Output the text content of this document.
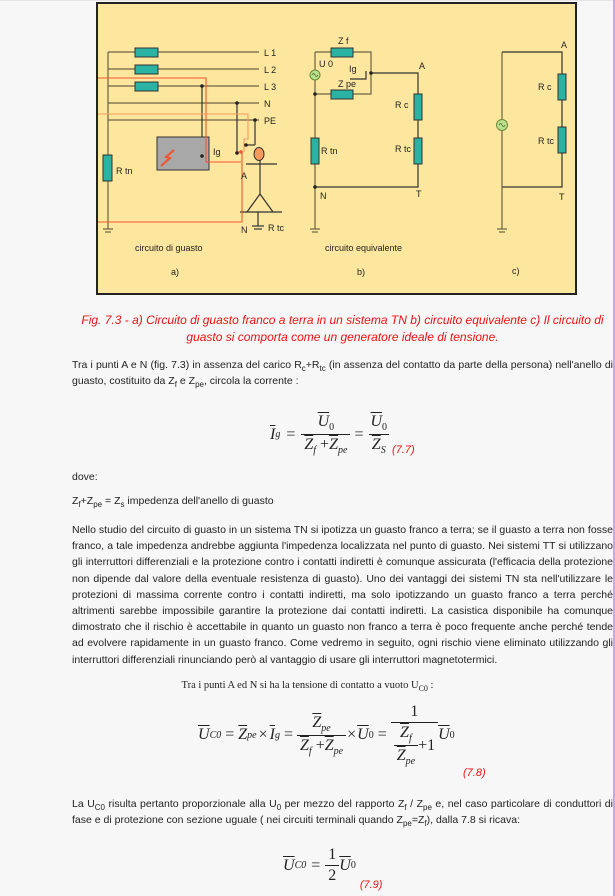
L 1
L 2
L 3
N
PE
R tn
Ig
A
N R tc
circuito di guasto
a)
Z f
U 0 Ig
Z pe
A
R c
R tc
R tn
N	T
circuito equivalente
b)
A
R c
R tc
T
c)
Fig. 7.3 - a) Circuito di guasto franco a terra in un sistema TN b) circuito equivalente c) Il circuito di guasto si comporta come un generatore ideale di tensione.
Tra i punti A e N (fig. 7.3) in assenza del carico $R_c+R_{tc}$ (in assenza del contatto da parte della persona) nell'anello di guasto, costituito da $Z_f$ e $Z_{pe}$, circola la corrente :
$\overline{I}$ $g = \frac{\overline{U}_0}{\overline{Z}_f +\overline{Z}_{pe}} = \frac{\overline{U}_0}{\overline{Z}_S} (7.7)$
dove:
$Z_f+Z_{pe} = Z_s$ impedenza dell'anello di guasto
Nello studio del circuito di guasto in un sistema TN si ipotizza un guasto franco a terra; se il guasto a terra non fosse franco, a tale impedenza andrebbe aggiunta l'impedenza localizzata nel punto di guasto. Nei sistemi TT si utilizzano gli interruttori differenziali e la protezione contro i contatti indiretti è comunque assicurata (l'efficacia della protezione non dipende dal valore della eventuale resistenza di guasto). Uno dei vantaggi dei sistemi TN sta nell'utilizzare le protezioni di massima corrente contro i contatti indiretti, ma solo ipotizzando un guasto franco a terra perché altrimenti sarebbe impossibile garantire la protezione dai contatti indiretti. La casistica disponibile ha comunque dimostrato che il rischio è accettabile in quanto un guasto non franco a terra è poco frequente anche perché tende ad evolvere rapidamente in un guasto franco. Come vedremo in seguito, ogni rischio viene eliminato utilizzando gli interruttori differenziali rinunciando però al vantaggio di usare gli interruttori magnetotermici.
Tra i punti A ed N si ha la tensione di contatto a vuoto $U_{C0}$ :
$\overline{U}$ $C0 = \overline{Z}$ pe × $\overline{I}$ $g = \frac{\overline{Z}_{pe}}{\overline{Z}_f +\overline{Z}_{pe}} \times \overline{U}$ $0 = \frac{1}{\frac{\overline{Z}_f}{\overline{Z}_{pe}} +1} \overline{U}$ 0
(7.8)
La $U_{C0}$ risulta pertanto proporzionale alla $U_0$ per mezzo del rapporto $Z_f / Z_{pe}$ e, nel caso particolare di conduttori di fase e di protezione con sezione uguale ( nei circuiti terminali quando $Z_{pe}=Z_f$), dalla 7.8 si ricava:
$\overline{U}$ $C0 = \frac{1}{2} \overline{U}$ 0
(7.9)
